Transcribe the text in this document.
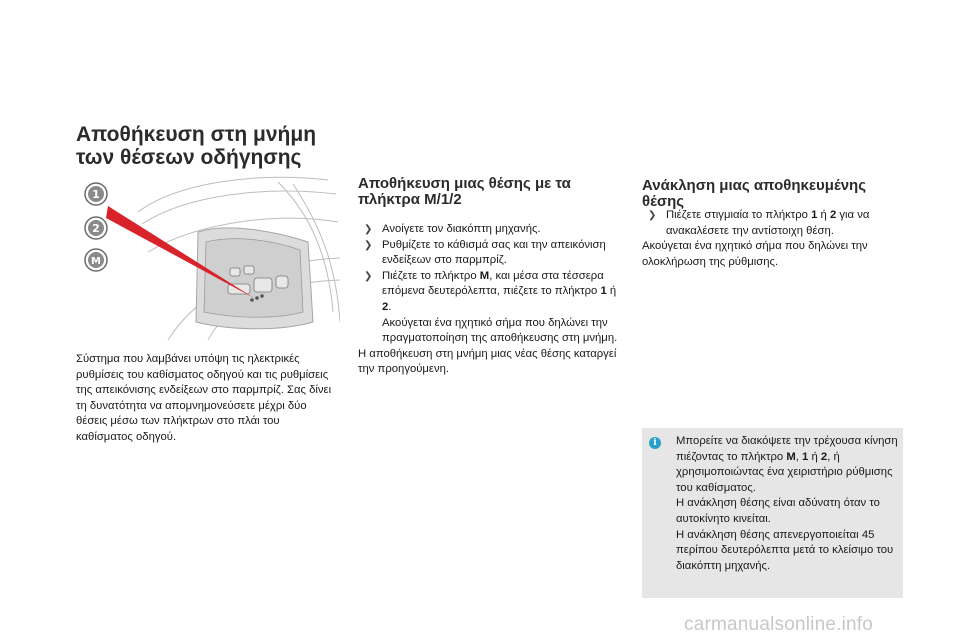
Αποθήκευση στη μνήμη των θέσεων οδήγησης
1
2
M
Σύστημα που λαμβάνει υπόψη τις ηλεκτρικές ρυθμίσεις του καθίσματος οδηγού και τις ρυθμίσεις της απεικόνισης ενδείξεων στο παρμπρίζ. Σας δίνει τη δυνατότητα να απομνημονεύσετε μέχρι δύο θέσεις μέσω των πλήκτρων στο πλάι του καθίσματος οδηγού.
Αποθήκευση μιας θέσης με τα πλήκτρα M/1/2
❯ Ανοίγετε τον διακόπτη μηχανής.
❯ Ρυθμίζετε το κάθισμά σας και την απεικόνιση ενδείξεων στο παρμπρίζ.
❯ Πιέζετε το πλήκτρο M, και μέσα στα τέσσερα επόμενα δευτερόλεπτα, πιέζετε το πλήκτρο 1 ή 2.
Ακούγεται ένα ηχητικό σήμα που δηλώνει την πραγματοποίηση της αποθήκευσης στη μνήμη.
Η αποθήκευση στη μνήμη μιας νέας θέσης καταργεί την προηγούμενη.
Ανάκληση μιας αποθηκευμένης θέσης
❯ Πιέζετε στιγμιαία το πλήκτρο 1 ή 2 για να ανακαλέσετε την αντίστοιχη θέση.
Ακούγεται ένα ηχητικό σήμα που δηλώνει την ολοκλήρωση της ρύθμισης.
i	Μπορείτε να διακόψετε την τρέχουσα κίνηση πιέζοντας το πλήκτρο M, 1 ή 2, ή χρησιμοποιώντας ένα χειριστήριο ρύθμισης του καθίσματος.
Η ανάκληση θέσης είναι αδύνατη όταν το αυτοκίνητο κινείται.
Η ανάκληση θέσης απενεργοποιείται 45 περίπου δευτερόλεπτα μετά το κλείσιμο του διακόπτη μηχανής.
carmanualsonline.info
